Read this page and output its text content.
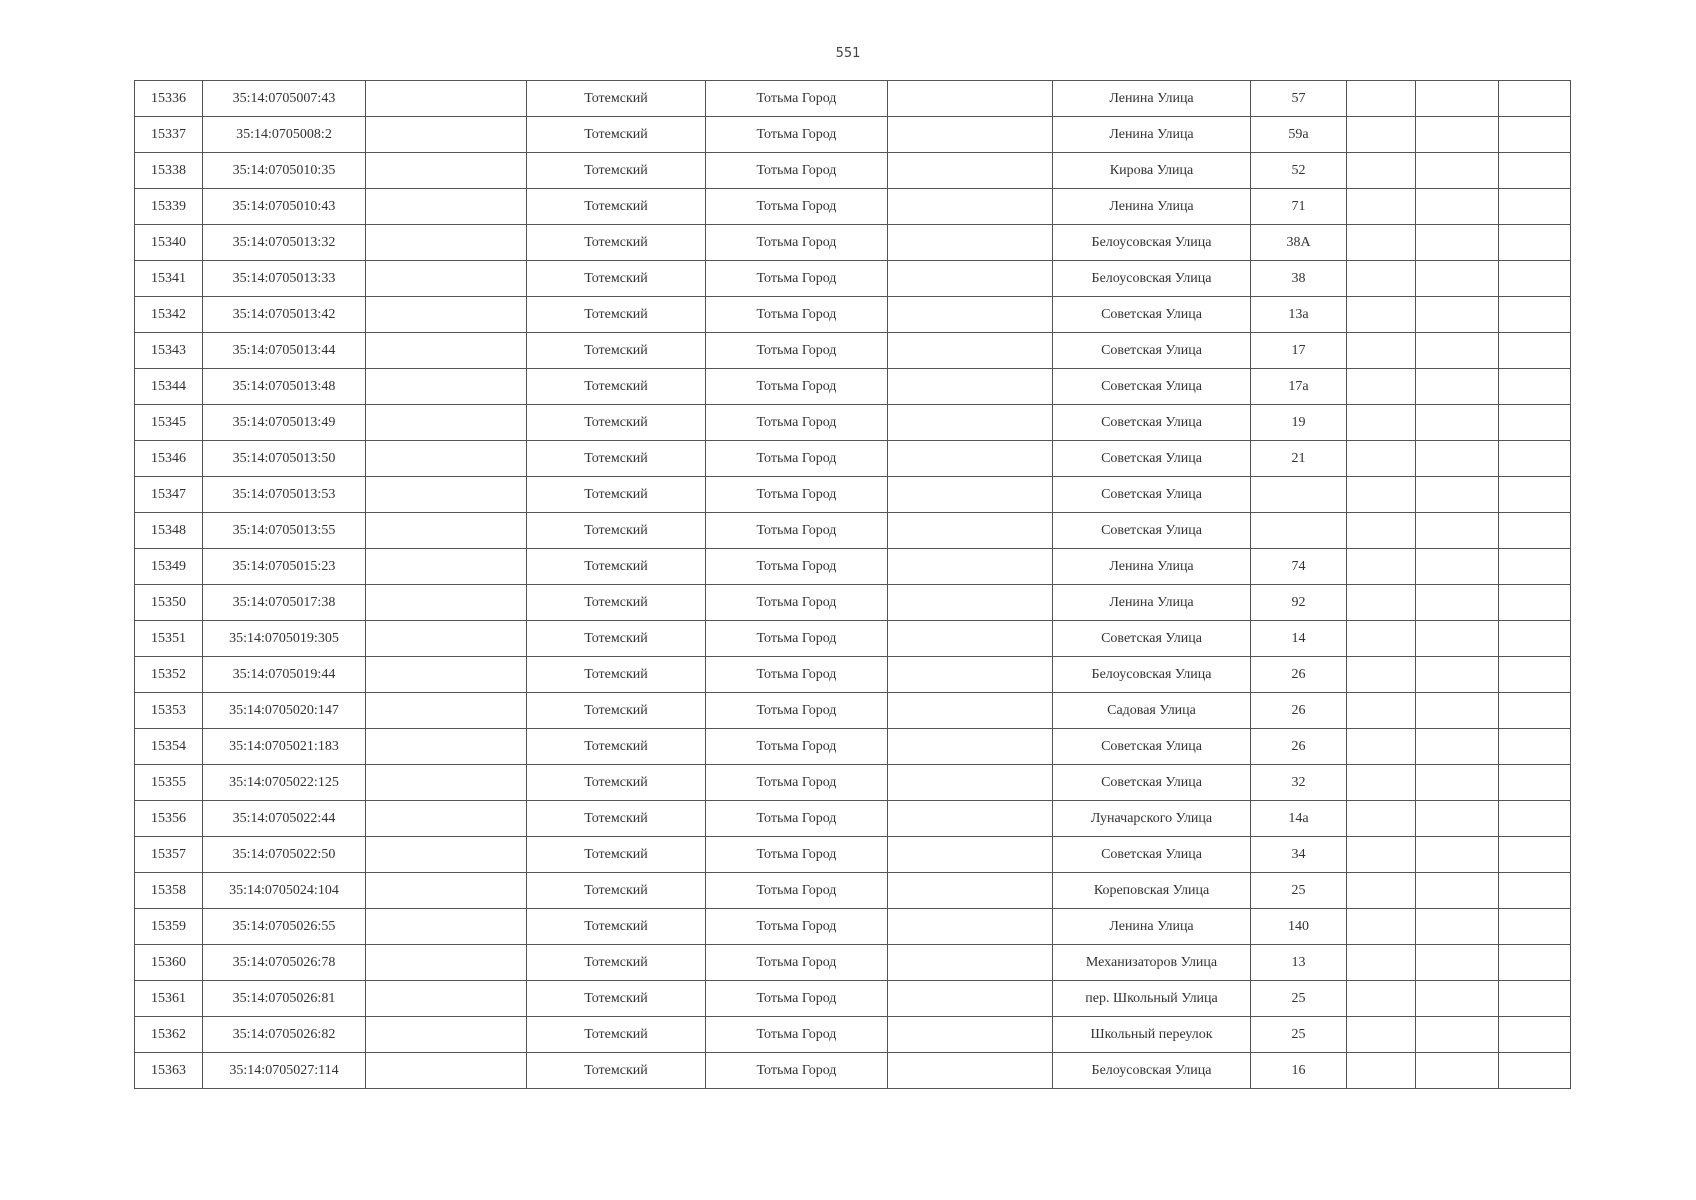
551
15336	35:14:0705007:43		Тотемский	Тотьма Город		Ленина Улица	57			
15337	35:14:0705008:2		Тотемский	Тотьма Город		Ленина Улица	59а			
15338	35:14:0705010:35		Тотемский	Тотьма Город		Кирова Улица	52			
15339	35:14:0705010:43		Тотемский	Тотьма Город		Ленина Улица	71			
15340	35:14:0705013:32		Тотемский	Тотьма Город		Белоусовская Улица	38А			
15341	35:14:0705013:33		Тотемский	Тотьма Город		Белоусовская Улица	38			
15342	35:14:0705013:42		Тотемский	Тотьма Город		Советская Улица	13а			
15343	35:14:0705013:44		Тотемский	Тотьма Город		Советская Улица	17			
15344	35:14:0705013:48		Тотемский	Тотьма Город		Советская Улица	17а			
15345	35:14:0705013:49		Тотемский	Тотьма Город		Советская Улица	19			
15346	35:14:0705013:50		Тотемский	Тотьма Город		Советская Улица	21			
15347	35:14:0705013:53		Тотемский	Тотьма Город		Советская Улица				
15348	35:14:0705013:55		Тотемский	Тотьма Город		Советская Улица				
15349	35:14:0705015:23		Тотемский	Тотьма Город		Ленина Улица	74			
15350	35:14:0705017:38		Тотемский	Тотьма Город		Ленина Улица	92			
15351	35:14:0705019:305		Тотемский	Тотьма Город		Советская Улица	14			
15352	35:14:0705019:44		Тотемский	Тотьма Город		Белоусовская Улица	26			
15353	35:14:0705020:147		Тотемский	Тотьма Город		Садовая Улица	26			
15354	35:14:0705021:183		Тотемский	Тотьма Город		Советская Улица	26			
15355	35:14:0705022:125		Тотемский	Тотьма Город		Советская Улица	32			
15356	35:14:0705022:44		Тотемский	Тотьма Город		Луначарского Улица	14а			
15357	35:14:0705022:50		Тотемский	Тотьма Город		Советская Улица	34			
15358	35:14:0705024:104		Тотемский	Тотьма Город		Кореповская Улица	25			
15359	35:14:0705026:55		Тотемский	Тотьма Город		Ленина Улица	140			
15360	35:14:0705026:78		Тотемский	Тотьма Город		Механизаторов Улица	13			
15361	35:14:0705026:81		Тотемский	Тотьма Город		пер. Школьный Улица	25			
15362	35:14:0705026:82		Тотемский	Тотьма Город		Школьный переулок	25			
15363	35:14:0705027:114		Тотемский	Тотьма Город		Белоусовская Улица	16			
